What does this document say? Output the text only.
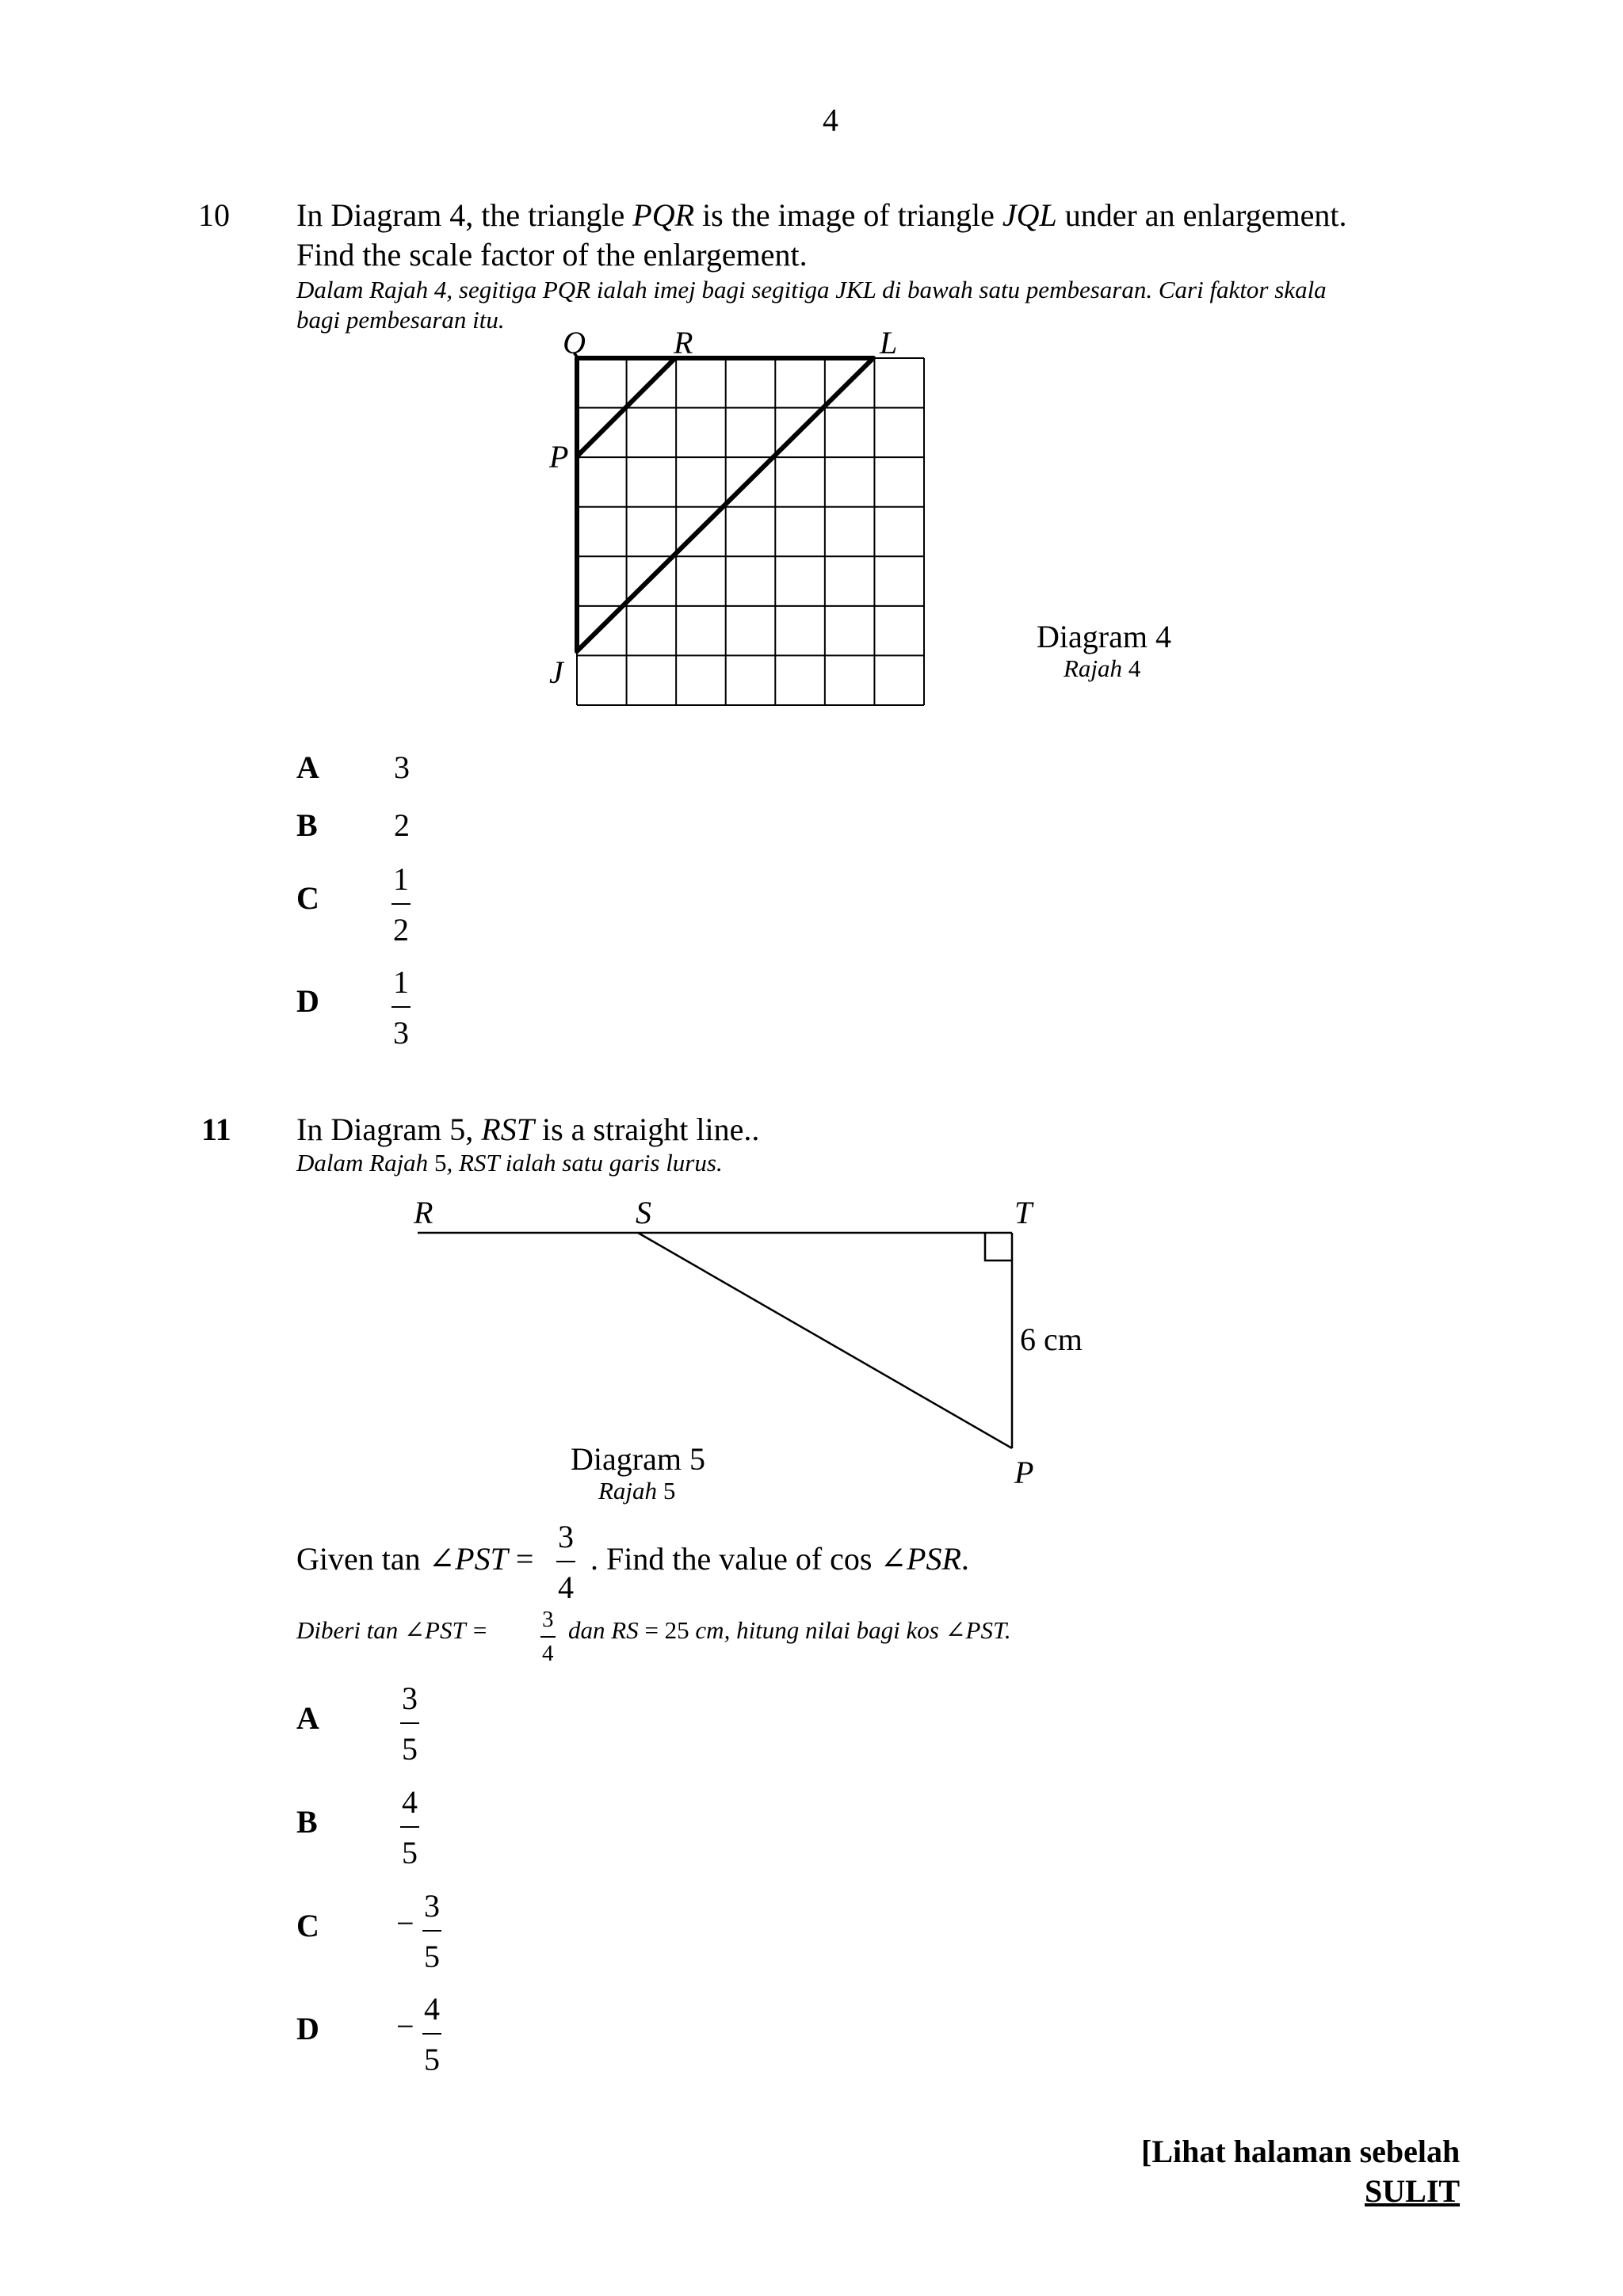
4
10 In Diagram 4, the triangle PQR is the image of triangle JQL under an enlargement.
Find the scale factor of the enlargement.
Dalam Rajah 4, segitiga PQR ialah imej bagi segitiga JKL di bawah satu pembesaran. Cari faktor skala
bagi pembesaran itu.
Q	R	L
P
J
Diagram 4
Rajah 4
A 3
B 2
C
1
2
D
1
3
11 In Diagram 5, RST is a straight line..
Dalam Rajah 5, RST ialah satu garis lurus.
R	S	T
P
6 cm
Diagram 5
Rajah 5
Given tan ∠PST =
3
4
. Find the value of cos ∠PSR.
Diberi tan ∠PST = 3
4
dan RS = 25 cm, hitung nilai bagi kos ∠PST.
A
3
5
B
4
5
C − 3
5
D − 4
5
[Lihat halaman sebelah
SULIT
